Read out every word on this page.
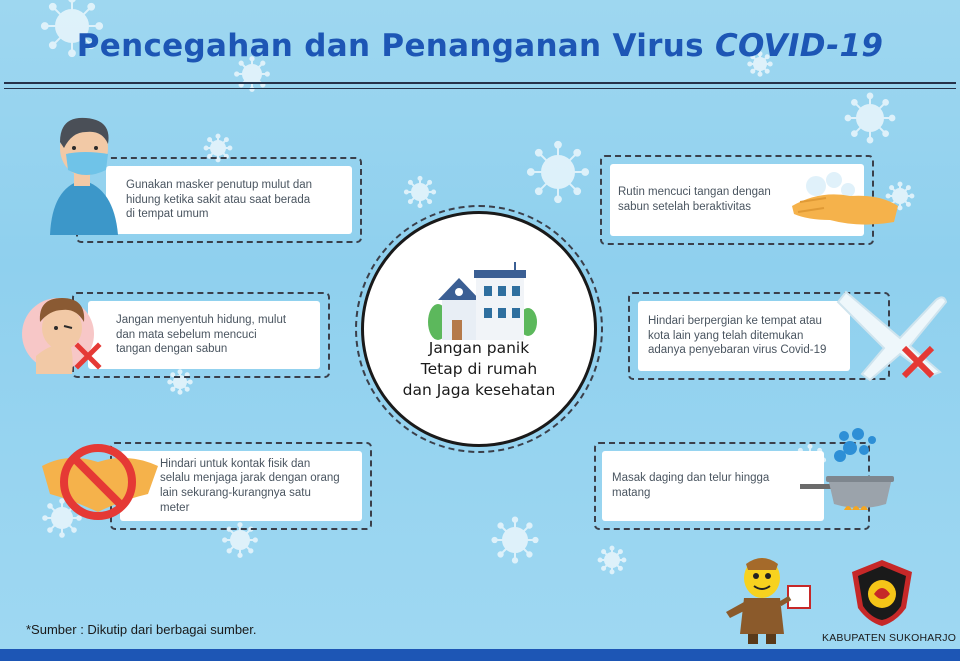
Pencegahan dan Penanganan Virus COVID-19
Gunakan masker penutup mulut dan
hidung ketika sakit atau saat berada
di tempat umum
Jangan menyentuh hidung, mulut
dan mata sebelum mencuci
tangan dengan sabun
Hindari untuk kontak fisik dan
selalu menjaga jarak dengan orang
lain sekurang-kurangnya satu
meter
Rutin mencuci tangan dengan
sabun setelah beraktivitas
Hindari berpergian ke tempat atau
kota lain yang telah ditemukan
adanya penyebaran virus Covid-19
Masak daging dan telur hingga
matang
Jangan panik
Tetap di rumah
dan Jaga kesehatan
*Sumber : Dikutip dari berbagai sumber.
KABUPATEN SUKOHARJO
